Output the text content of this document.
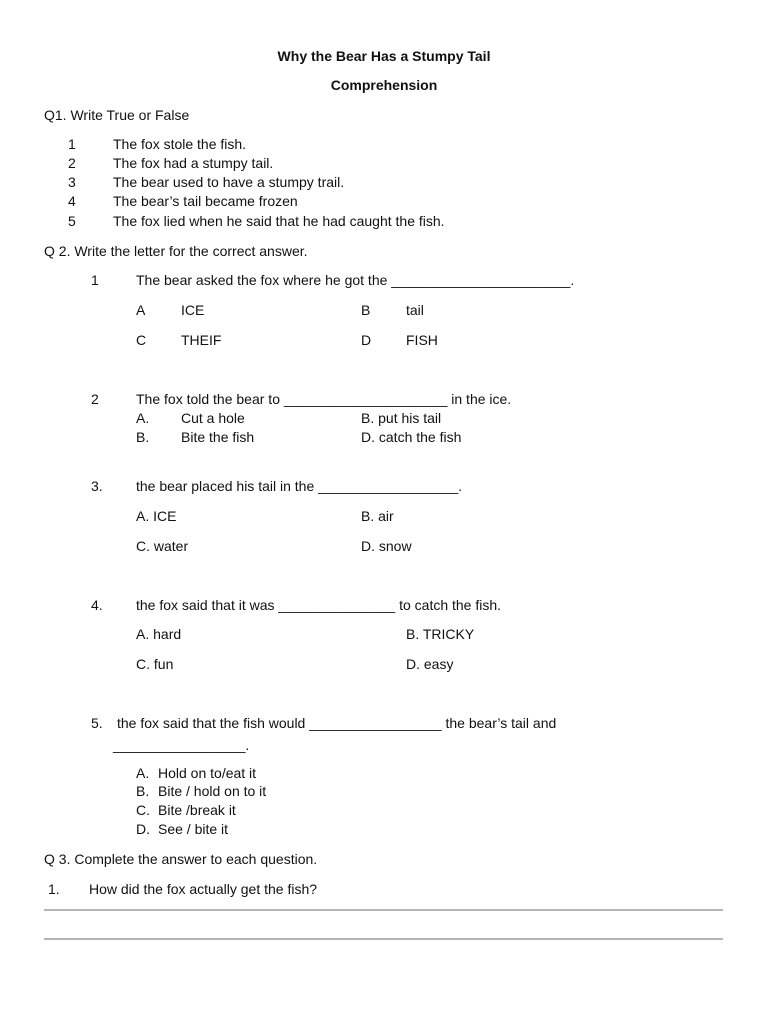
Why the Bear Has a Stumpy Tail
Comprehension
Q1. Write True or False
1	The fox stole the fish.
2	The fox had a stumpy tail.
3	The bear used to have a stumpy trail.
4	The bear’s tail became frozen
5	The fox lied when he said that he had caught the fish.
Q 2. Write the letter for the correct answer.
1	The bear asked the fox where he got the _______________________.
A	ICE	B	tail
C THEIF	D FISH
2	The fox told the bear to _____________________ in the ice.
A. Cut a hole	B. put his tail
B. Bite the fish	D. catch the fish
3. the bear placed his tail in the __________________.
A. ICE	B. air
C. water	D. snow
4. the fox said that it was _______________ to catch the fish.
A. hard	B. TRICKY
C. fun	D. easy
5. the fox said that the fish would _________________ the bear’s tail and
_________________.
A. Hold on to/eat it
B. Bite / hold on to it
C. Bite /break it
D. See / bite it
Q 3. Complete the answer to each question.
1. How did the fox actually get the fish?
